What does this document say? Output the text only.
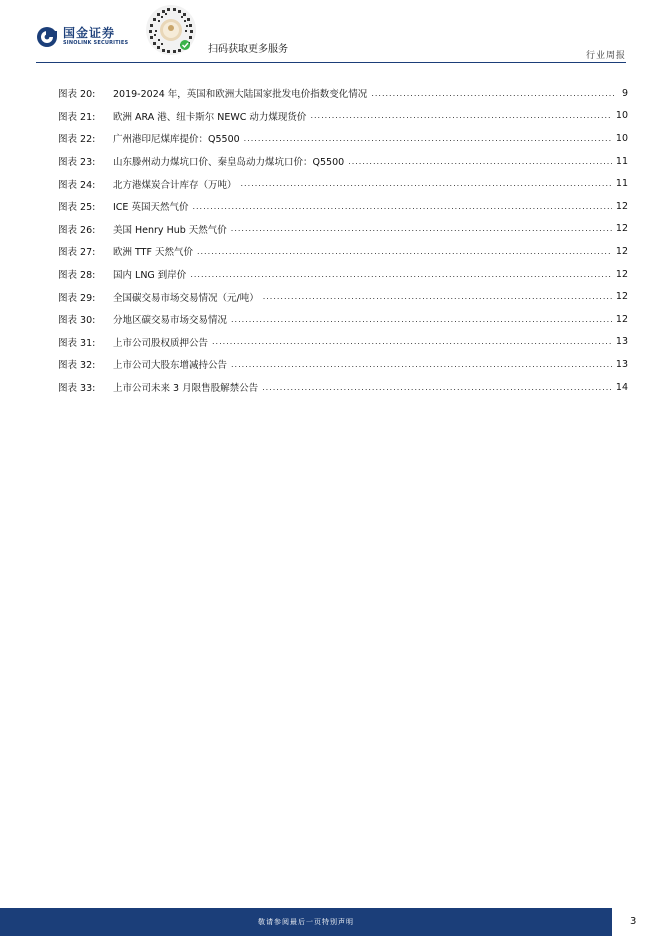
国金证券
SINOLINK SECURITIES
扫码获取更多服务
行业周报
图表 20:	2019-2024 年，英国和欧洲大陆国家批发电价指数变化情况 .....	9
图表 21:	欧洲 ARA 港、纽卡斯尔 NEWC 动力煤现货价 .....	10
图表 22:	广州港印尼煤库提价：Q5500 .....	10
图表 23:	山东滕州动力煤坑口价、秦皇岛动力煤坑口价：Q5500 .....	11
图表 24:	北方港煤炭合计库存（万吨） .....	11
图表 25:	ICE 英国天然气价 .....	12
图表 26:	美国 Henry Hub 天然气价 .....	12
图表 27:	欧洲 TTF 天然气价 .....	12
图表 28:	国内 LNG 到岸价 .....	12
图表 29:	全国碳交易市场交易情况（元/吨） .....	12
图表 30:	分地区碳交易市场交易情况 .....	12
图表 31:	上市公司股权质押公告 .....	13
图表 32:	上市公司大股东增减持公告 .....	13
图表 33:	上市公司未来 3 月限售股解禁公告 .....	14
敬请参阅最后一页特别声明	3
